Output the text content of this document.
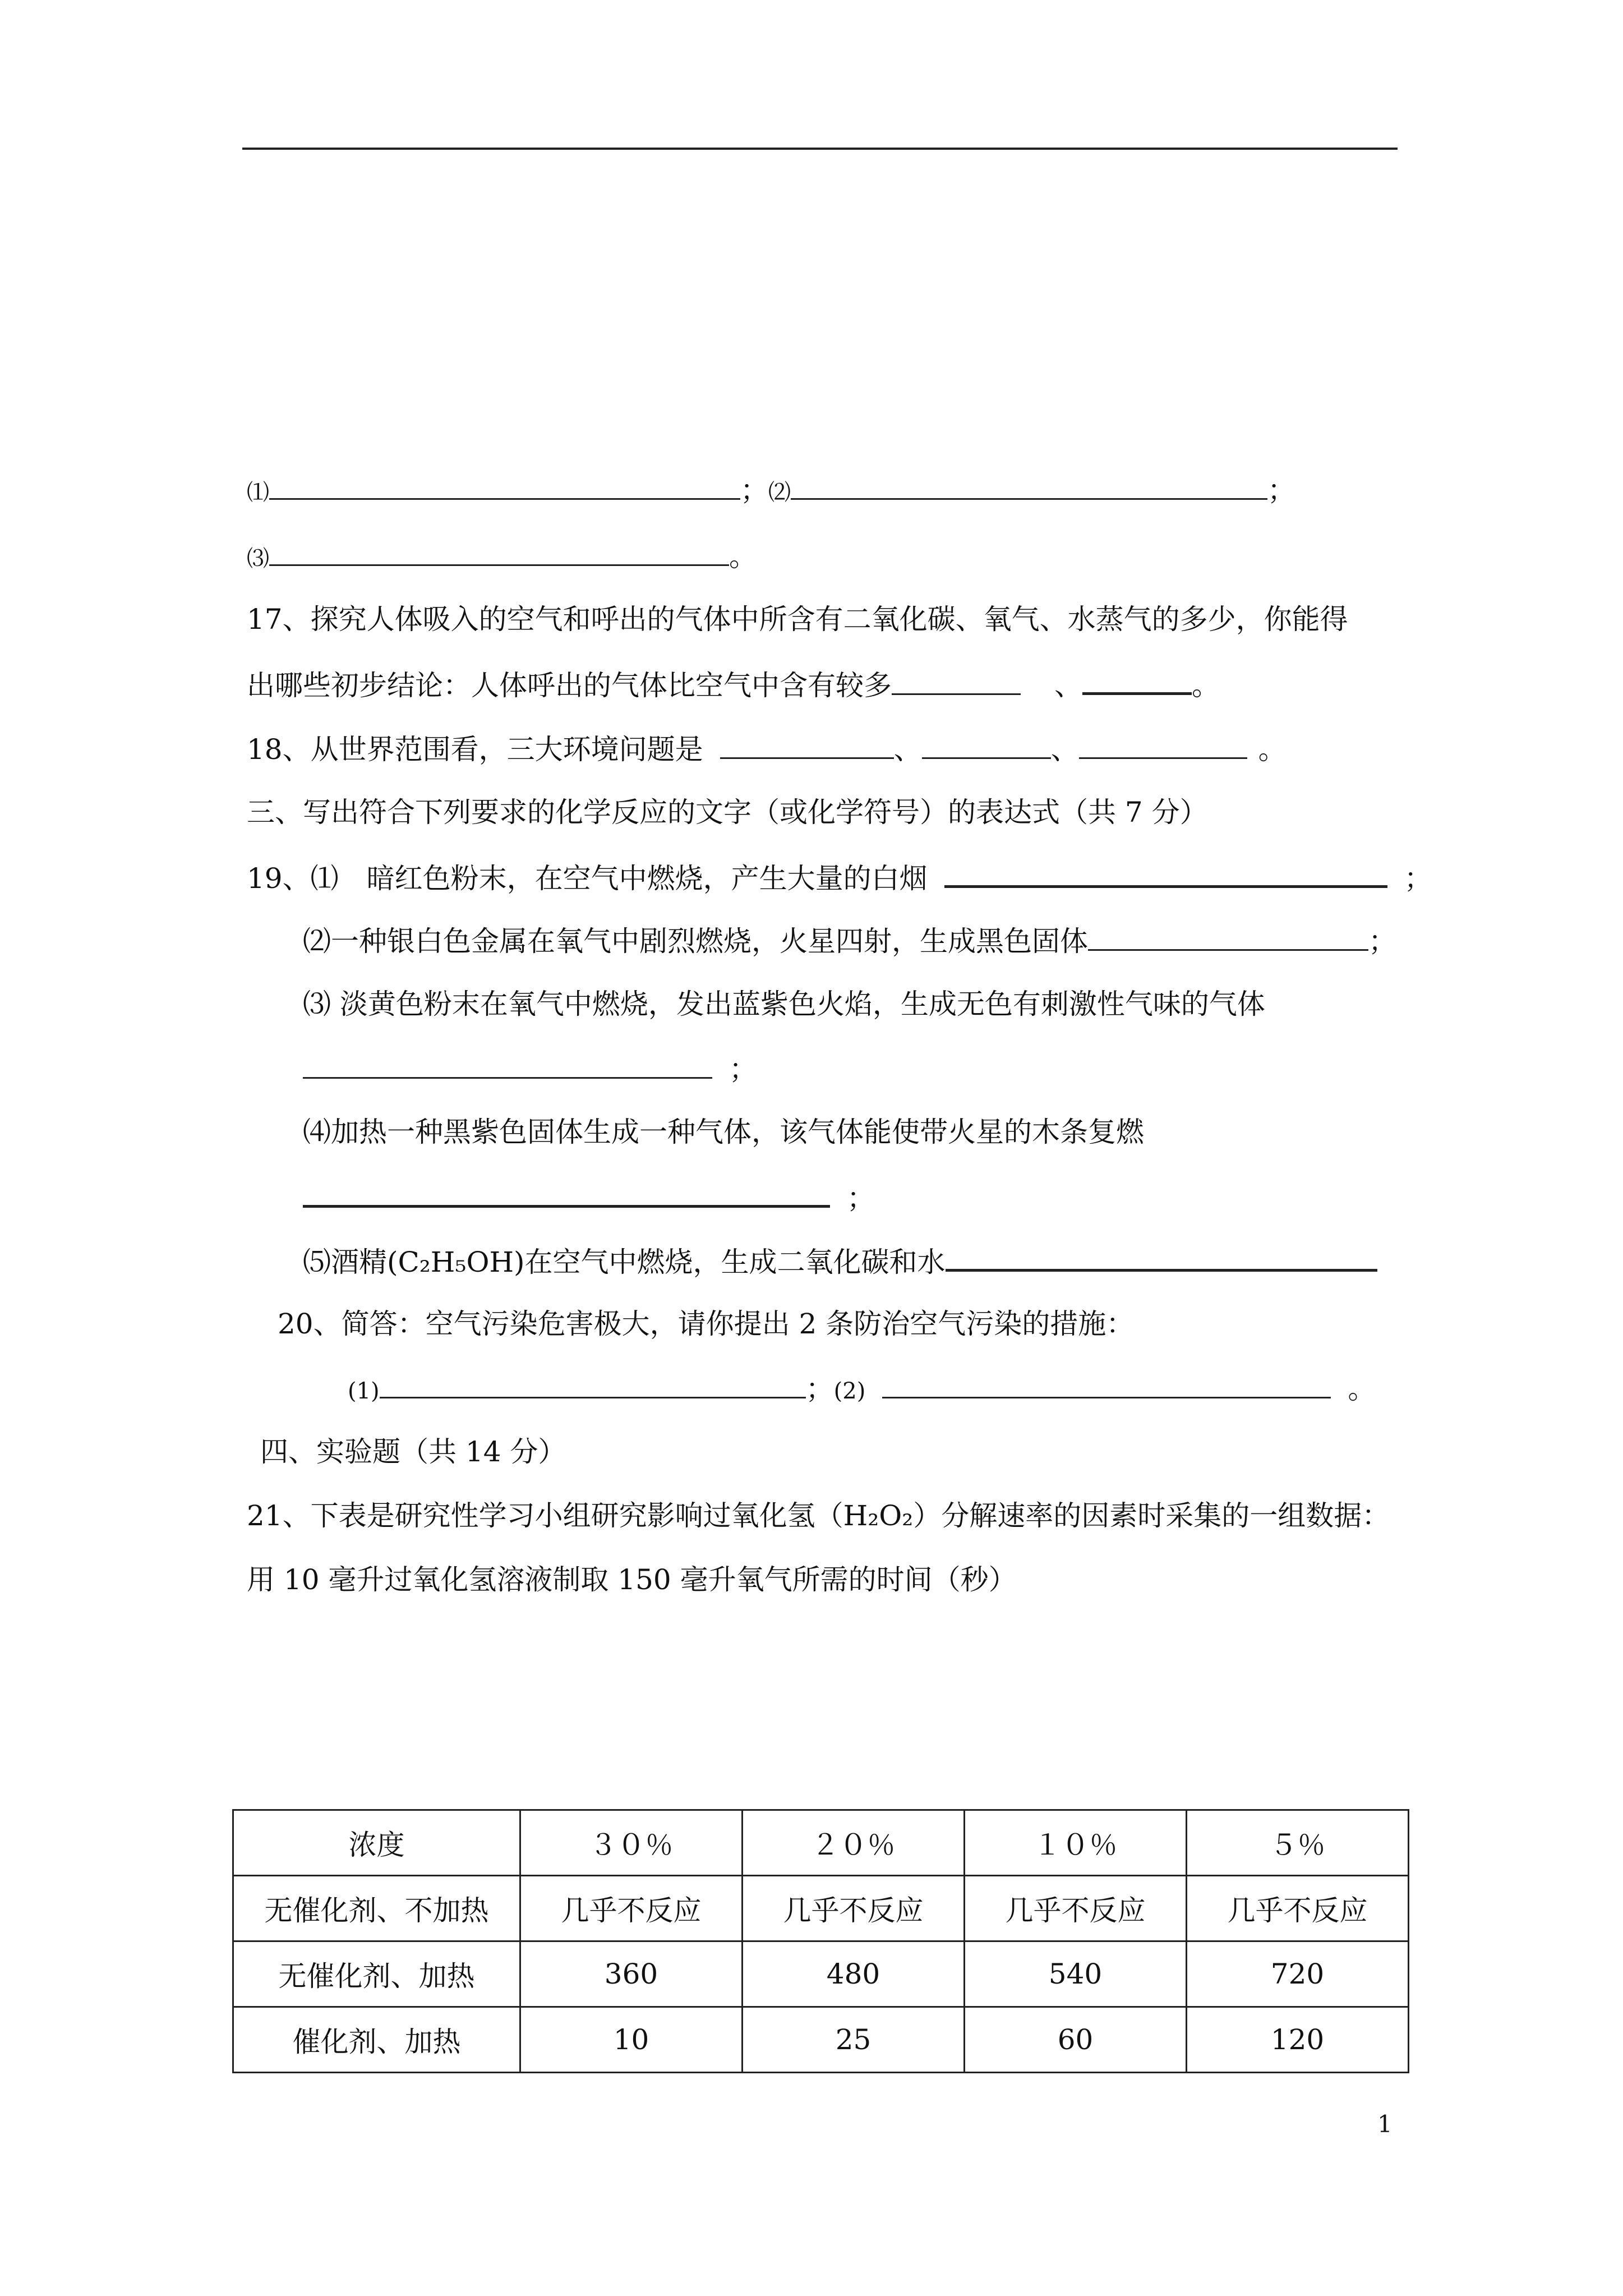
⑴	；⑵	；
⑶	。
17、探究人体吸入的空气和呼出的气体中所含有二氧化碳、氧气、水蒸气的多少，你能得
出哪些初步结论：人体呼出的气体比空气中含有较多	、	。
18、从世界范围看，三大环境问题是	、	、	。
三、写出符合下列要求的化学反应的文字（或化学符号）的表达式（共 7 分）
19、⑴ 暗红色粉末，在空气中燃烧，产生大量的白烟	；
⑵一种银白色金属在氧气中剧烈燃烧，火星四射，生成黑色固体	；
⑶ 淡黄色粉末在氧气中燃烧，发出蓝紫色火焰，生成无色有刺激性气味的气体
；
⑷加热一种黑紫色固体生成一种气体，该气体能使带火星的木条复燃
；
⑸酒精(C₂H₅OH)在空气中燃烧，生成二氧化碳和水
20、简答：空气污染危害极大，请你提出 2 条防治空气污染的措施：
(1)	；(2)	。
四、实验题（共 14 分）
21、下表是研究性学习小组研究影响过氧化氢（H₂O₂）分解速率的因素时采集的一组数据：
用 10 毫升过氧化氢溶液制取 150 毫升氧气所需的时间（秒）
浓度	３０％	２０％	１０％	５％
无催化剂、不加热	几乎不反应	几乎不反应	几乎不反应	几乎不反应
无催化剂、加热	360	480	540	720
催化剂、加热	10	25	60	120
1
